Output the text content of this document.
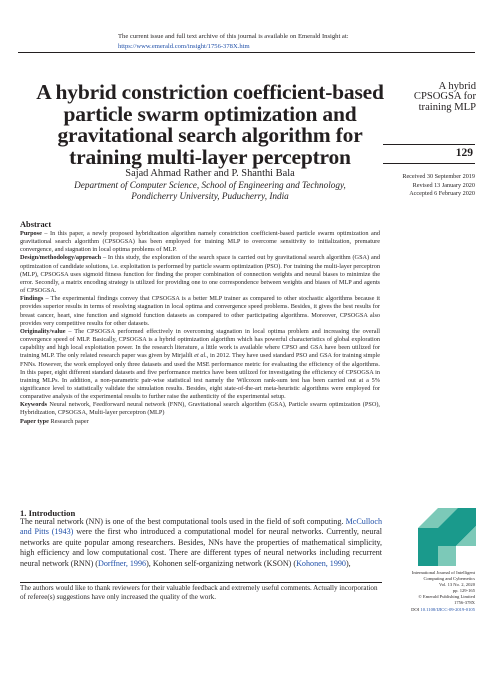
The current issue and full text archive of this journal is available on Emerald Insight at:
https://www.emerald.com/insight/1756-378X.htm
A hybrid constriction coefficient-based particle swarm optimization and gravitational search algorithm for training multi-layer perceptron
A hybrid CPSOGSA for training MLP
129
Received 30 September 2019
Revised 13 January 2020
Accepted 6 February 2020
Sajad Ahmad Rather and P. Shanthi Bala
Department of Computer Science, School of Engineering and Technology,
Pondicherry University, Puducherry, India
Abstract

Purpose – In this paper, a newly proposed hybridization algorithm namely constriction coefficient-based particle swarm optimization and gravitational search algorithm (CPSOGSA) has been employed for training MLP to overcome sensitivity to initialization, premature convergence, and stagnation in local optima problems of MLP.

Design/methodology/approach – In this study, the exploration of the search space is carried out by gravitational search algorithm (GSA) and optimization of candidate solutions, i.e. exploitation is performed by particle swarm optimization (PSO). For training the multi-layer perceptron (MLP), CPSOGSA uses sigmoid fitness function for finding the proper combination of connection weights and neural biases to minimize the error. Secondly, a matrix encoding strategy is utilized for providing one to one correspondence between weights and biases of MLP and agents of CPSOGSA.

Findings – The experimental findings convey that CPSOGSA is a better MLP trainer as compared to other stochastic algorithms because it provides superior results in terms of resolving stagnation in local optima and convergence speed problems. Besides, it gives the best results for breast cancer, heart, sine function and sigmoid function datasets as compared to other participating algorithms. Moreover, CPSOGSA also provides very competitive results for other datasets.

Originality/value – The CPSOGSA performed effectively in overcoming stagnation in local optima problem and increasing the overall convergence speed of MLP. Basically, CPSOGSA is a hybrid optimization algorithm which has powerful characteristics of global exploration capability and high local exploitation power. In the research literature, a little work is available where CPSO and GSA have been utilized for training MLP. The only related research paper was given by Mirjalili et al., in 2012. They have used standard PSO and GSA for training simple FNNs. However, the work employed only three datasets and used the MSE performance metric for evaluating the efficiency of the algorithms. In this paper, eight different standard datasets and five performance metrics have been utilized for investigating the efficiency of CPSOGSA in training MLPs. In addition, a non-parametric pair-wise statistical test namely the Wilcoxon rank-sum test has been carried out at a 5% significance level to statistically validate the simulation results. Besides, eight state-of-the-art meta-heuristic algorithms were employed for comparative analysis of the experimental results to further raise the authenticity of the experimental setup.

Keywords Neural network, Feedforward neural network (FNN), Gravitational search algorithm (GSA), Particle swarm optimization (PSO), Hybridization, CPSOGSA, Multi-layer perceptron (MLP)

Paper type Research paper

1. Introduction
The neural network (NN) is one of the best computational tools used in the field of soft computing. McCulloch and Pitts (1943) were the first who introduced a computational model for neural networks. Currently, neural networks are quite popular among researchers. Besides, NNs have the properties of mathematical simplicity, high efficiency and low computational cost. There are different types of neural networks including recurrent neural network (RNN) (Dorffner, 1996), Kohonen self-organizing network (KSON) (Kohonen, 1990),
The authors would like to thank reviewers for their valuable feedback and extremely useful comments. Actually incorporation of referee(s) suggestions have only increased the quality of the work.
International Journal of Intelligent Computing and Cybernetics
Vol. 13 No. 2, 2020
pp. 129-165
© Emerald Publishing Limited
1756-378X
DOI 10.1108/IJICC-09-2019-0105
